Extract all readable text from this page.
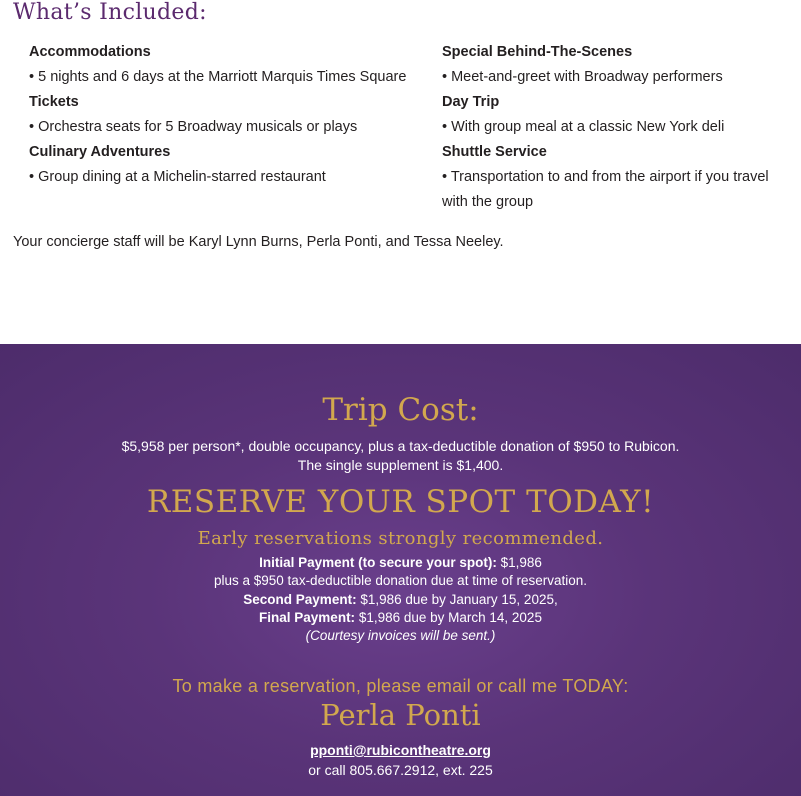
What’s Included:
Accommodations
• 5 nights and 6 days at the Marriott Marquis Times Square
Tickets
• Orchestra seats for 5 Broadway musicals or plays
Culinary Adventures
• Group dining at a Michelin-starred restaurant
Special Behind-The-Scenes
• Meet-and-greet with Broadway performers
Day Trip
• With group meal at a classic New York deli
Shuttle Service
• Transportation to and from the airport if you travel with the group
Your concierge staff will be Karyl Lynn Burns, Perla Ponti, and Tessa Neeley.
Trip Cost:
$5,958 per person*, double occupancy, plus a tax-deductible donation of $950 to Rubicon.
The single supplement is $1,400.
RESERVE YOUR SPOT TODAY!
Early reservations strongly recommended.
Initial Payment (to secure your spot): $1,986
plus a $950 tax-deductible donation due at time of reservation.
Second Payment: $1,986 due by January 15, 2025,
Final Payment: $1,986 due by March 14, 2025
(Courtesy invoices will be sent.)
To make a reservation, please email or call me TODAY:
Perla Ponti
pponti@rubicontheatre.org
or call 805.667.2912, ext. 225
